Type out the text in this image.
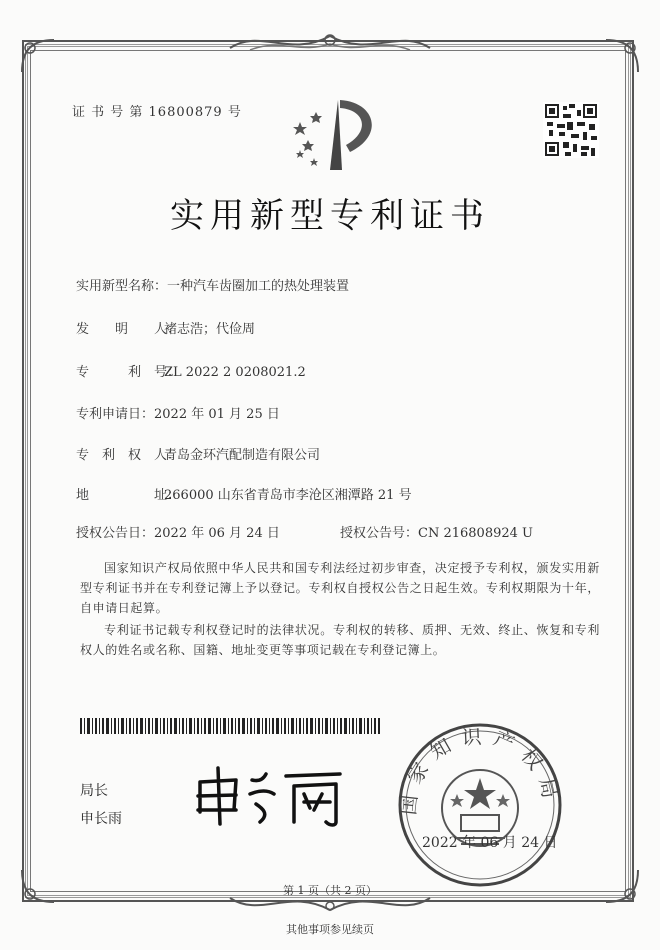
证 书 号 第 16800879 号
实用新型专利证书
实用新型名称：一种汽车齿圈加工的热处理装置
发　　明　　人：褚志浩；代俭周
专　　　利　号：ZL 2022 2 0208021.2
专利申请日：2022 年 01 月 25 日
专　利　权　人：青岛金环汽配制造有限公司
地　　　　　址：266000 山东省青岛市李沧区湘潭路 21 号
授权公告日：2022 年 06 月 24 日	授权公告号：CN 216808924 U
国家知识产权局依照中华人民共和国专利法经过初步审查，决定授予专利权，颁发实用新型专利证书并在专利登记簿上予以登记。专利权自授权公告之日起生效。专利权期限为十年，自申请日起算。
专利证书记载专利权登记时的法律状况。专利权的转移、质押、无效、终止、恢复和专利权人的姓名或名称、国籍、地址变更等事项记载在专利登记簿上。
局长
申长雨
国家知识产权局
2022 年 06 月 24 日
第 1 页（共 2 页）
其他事项参见续页
